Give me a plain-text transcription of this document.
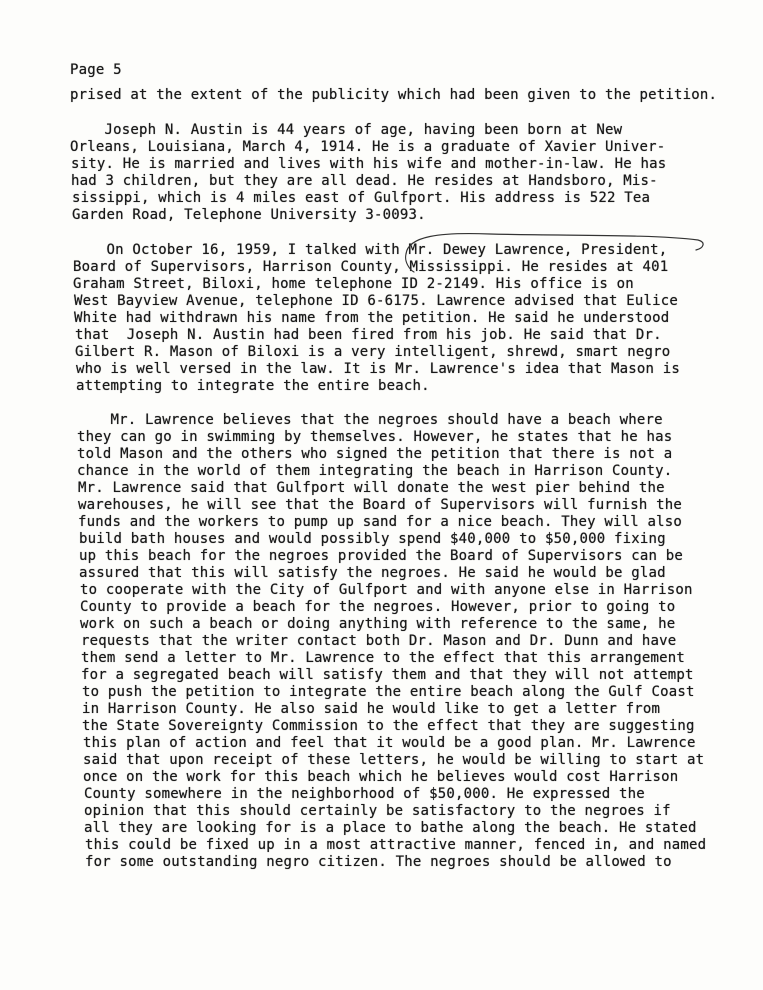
Page 5
prised at the extent of the publicity which had been given to the petition.
Joseph N. Austin is 44 years of age, having been born at New
Orleans, Louisiana, March 4, 1914. He is a graduate of Xavier Univer-
sity. He is married and lives with his wife and mother-in-law. He has
had 3 children, but they are all dead. He resides at Handsboro, Mis-
sissippi, which is 4 miles east of Gulfport. His address is 522 Tea
Garden Road, Telephone University 3-0093.
On October 16, 1959, I talked with Mr. Dewey Lawrence, President,
Board of Supervisors, Harrison County, Mississippi. He resides at 401
Graham Street, Biloxi, home telephone ID 2-2149. His office is on
West Bayview Avenue, telephone ID 6-6175. Lawrence advised that Eulice
White had withdrawn his name from the petition. He said he understood
that  Joseph N. Austin had been fired from his job. He said that Dr.
Gilbert R. Mason of Biloxi is a very intelligent, shrewd, smart negro
who is well versed in the law. It is Mr. Lawrence's idea that Mason is
attempting to integrate the entire beach.
Mr. Lawrence believes that the negroes should have a beach where
they can go in swimming by themselves. However, he states that he has
told Mason and the others who signed the petition that there is not a
chance in the world of them integrating the beach in Harrison County.
Mr. Lawrence said that Gulfport will donate the west pier behind the
warehouses, he will see that the Board of Supervisors will furnish the
funds and the workers to pump up sand for a nice beach. They will also
build bath houses and would possibly spend $40,000 to $50,000 fixing
up this beach for the negroes provided the Board of Supervisors can be
assured that this will satisfy the negroes. He said he would be glad
to cooperate with the City of Gulfport and with anyone else in Harrison
County to provide a beach for the negroes. However, prior to going to
work on such a beach or doing anything with reference to the same, he
requests that the writer contact both Dr. Mason and Dr. Dunn and have
them send a letter to Mr. Lawrence to the effect that this arrangement
for a segregated beach will satisfy them and that they will not attempt
to push the petition to integrate the entire beach along the Gulf Coast
in Harrison County. He also said he would like to get a letter from
the State Sovereignty Commission to the effect that they are suggesting
this plan of action and feel that it would be a good plan. Mr. Lawrence
said that upon receipt of these letters, he would be willing to start at
once on the work for this beach which he believes would cost Harrison
County somewhere in the neighborhood of $50,000. He expressed the
opinion that this should certainly be satisfactory to the negroes if
all they are looking for is a place to bathe along the beach. He stated
this could be fixed up in a most attractive manner, fenced in, and named
for some outstanding negro citizen. The negroes should be allowed to
